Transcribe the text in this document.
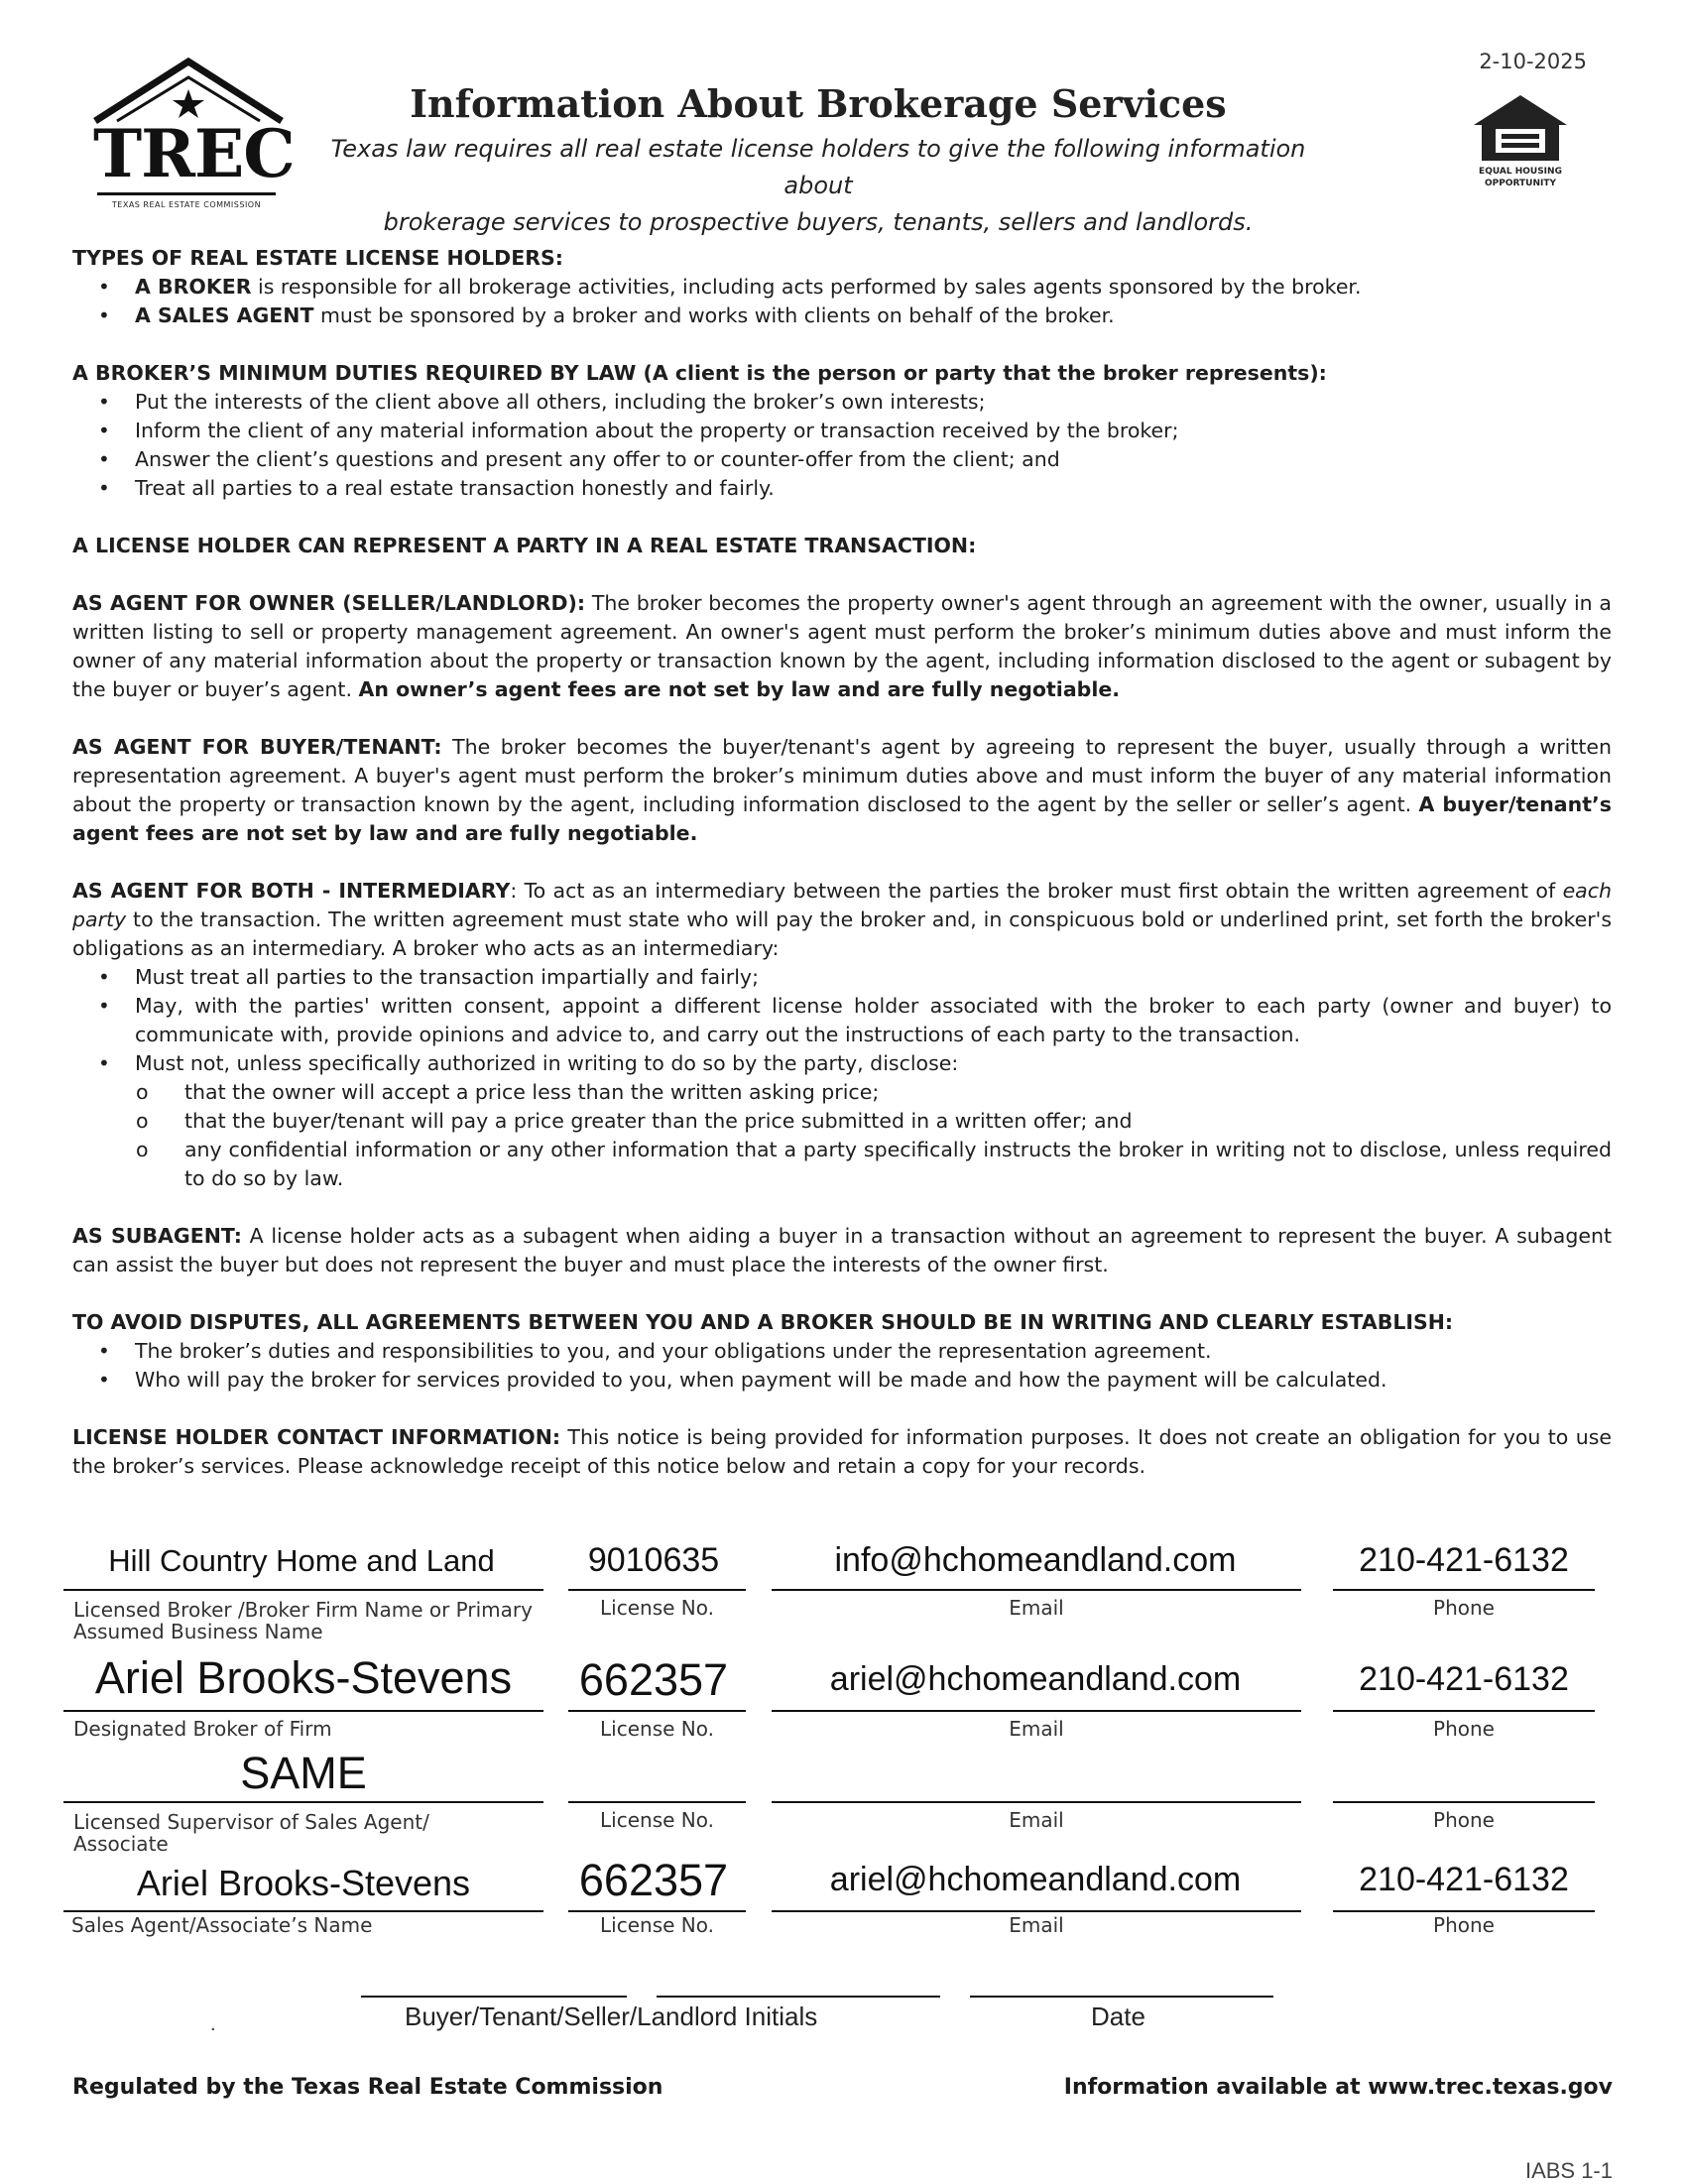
TREC
TEXAS REAL ESTATE COMMISSION
2-10-2025
EQUAL HOUSING
OPPORTUNITY
Information About Brokerage Services
Texas law requires all real estate license holders to give the following information about
brokerage services to prospective buyers, tenants, sellers and landlords.

TYPES OF REAL ESTATE LICENSE HOLDERS:

• A BROKER is responsible for all brokerage activities, including acts performed by sales agents sponsored by the broker.

• A SALES AGENT must be sponsored by a broker and works with clients on behalf of the broker.

A BROKER’S MINIMUM DUTIES REQUIRED BY LAW (A client is the person or party that the broker represents):

• Put the interests of the client above all others, including the broker’s own interests;

• Inform the client of any material information about the property or transaction received by the broker;

• Answer the client’s questions and present any offer to or counter-offer from the client; and

• Treat all parties to a real estate transaction honestly and fairly.

A LICENSE HOLDER CAN REPRESENT A PARTY IN A REAL ESTATE TRANSACTION:

AS AGENT FOR OWNER (SELLER/LANDLORD): The broker becomes the property owner's agent through an agreement with the owner, usually in a written listing to sell or property management agreement. An owner's agent must perform the broker’s minimum duties above and must inform the owner of any material information about the property or transaction known by the agent, including information disclosed to the agent or subagent by the buyer or buyer’s agent. An owner’s agent fees are not set by law and are fully negotiable.

AS AGENT FOR BUYER/TENANT: The broker becomes the buyer/tenant's agent by agreeing to represent the buyer, usually through a written representation agreement. A buyer's agent must perform the broker’s minimum duties above and must inform the buyer of any material information about the property or transaction known by the agent, including information disclosed to the agent by the seller or seller’s agent. A buyer/tenant’s agent fees are not set by law and are fully negotiable.

AS AGENT FOR BOTH - INTERMEDIARY: To act as an intermediary between the parties the broker must first obtain the written agreement of each party to the transaction. The written agreement must state who will pay the broker and, in conspicuous bold or underlined print, set forth the broker's obligations as an intermediary. A broker who acts as an intermediary:

• Must treat all parties to the transaction impartially and fairly;

• May, with the parties' written consent, appoint a different license holder associated with the broker to each party (owner and buyer) to communicate with, provide opinions and advice to, and carry out the instructions of each party to the transaction.

• Must not, unless specifically authorized in writing to do so by the party, disclose:

o that the owner will accept a price less than the written asking price;

o that the buyer/tenant will pay a price greater than the price submitted in a written offer; and

o any confidential information or any other information that a party specifically instructs the broker in writing not to disclose, unless required to do so by law.

AS SUBAGENT: A license holder acts as a subagent when aiding a buyer in a transaction without an agreement to represent the buyer. A subagent can assist the buyer but does not represent the buyer and must place the interests of the owner first.

TO AVOID DISPUTES, ALL AGREEMENTS BETWEEN YOU AND A BROKER SHOULD BE IN WRITING AND CLEARLY ESTABLISH:

• The broker’s duties and responsibilities to you, and your obligations under the representation agreement.

• Who will pay the broker for services provided to you, when payment will be made and how the payment will be calculated.

LICENSE HOLDER CONTACT INFORMATION: This notice is being provided for information purposes. It does not create an obligation for you to use the broker’s services. Please acknowledge receipt of this notice below and retain a copy for your records.

Hill Country Home and Land	9010635	info@hchomeandland.com	210-421-6132
Licensed Broker /Broker Firm Name or Primary Assumed Business Name
License No.	Email	Phone
Ariel Brooks-Stevens	662357	ariel@hchomeandland.com	210-421-6132
Designated Broker of Firm	License No.	Email	Phone
SAME
Licensed Supervisor of Sales Agent/ Associate
License No.	Email	Phone
Ariel Brooks-Stevens	662357	ariel@hchomeandland.com	210-421-6132
Sales Agent/Associate’s Name	License No.	Email	Phone
Buyer/Tenant/Seller/Landlord Initials	Date
.
Regulated by the Texas Real Estate Commission	Information available at www.trec.texas.gov
IABS 1-1
